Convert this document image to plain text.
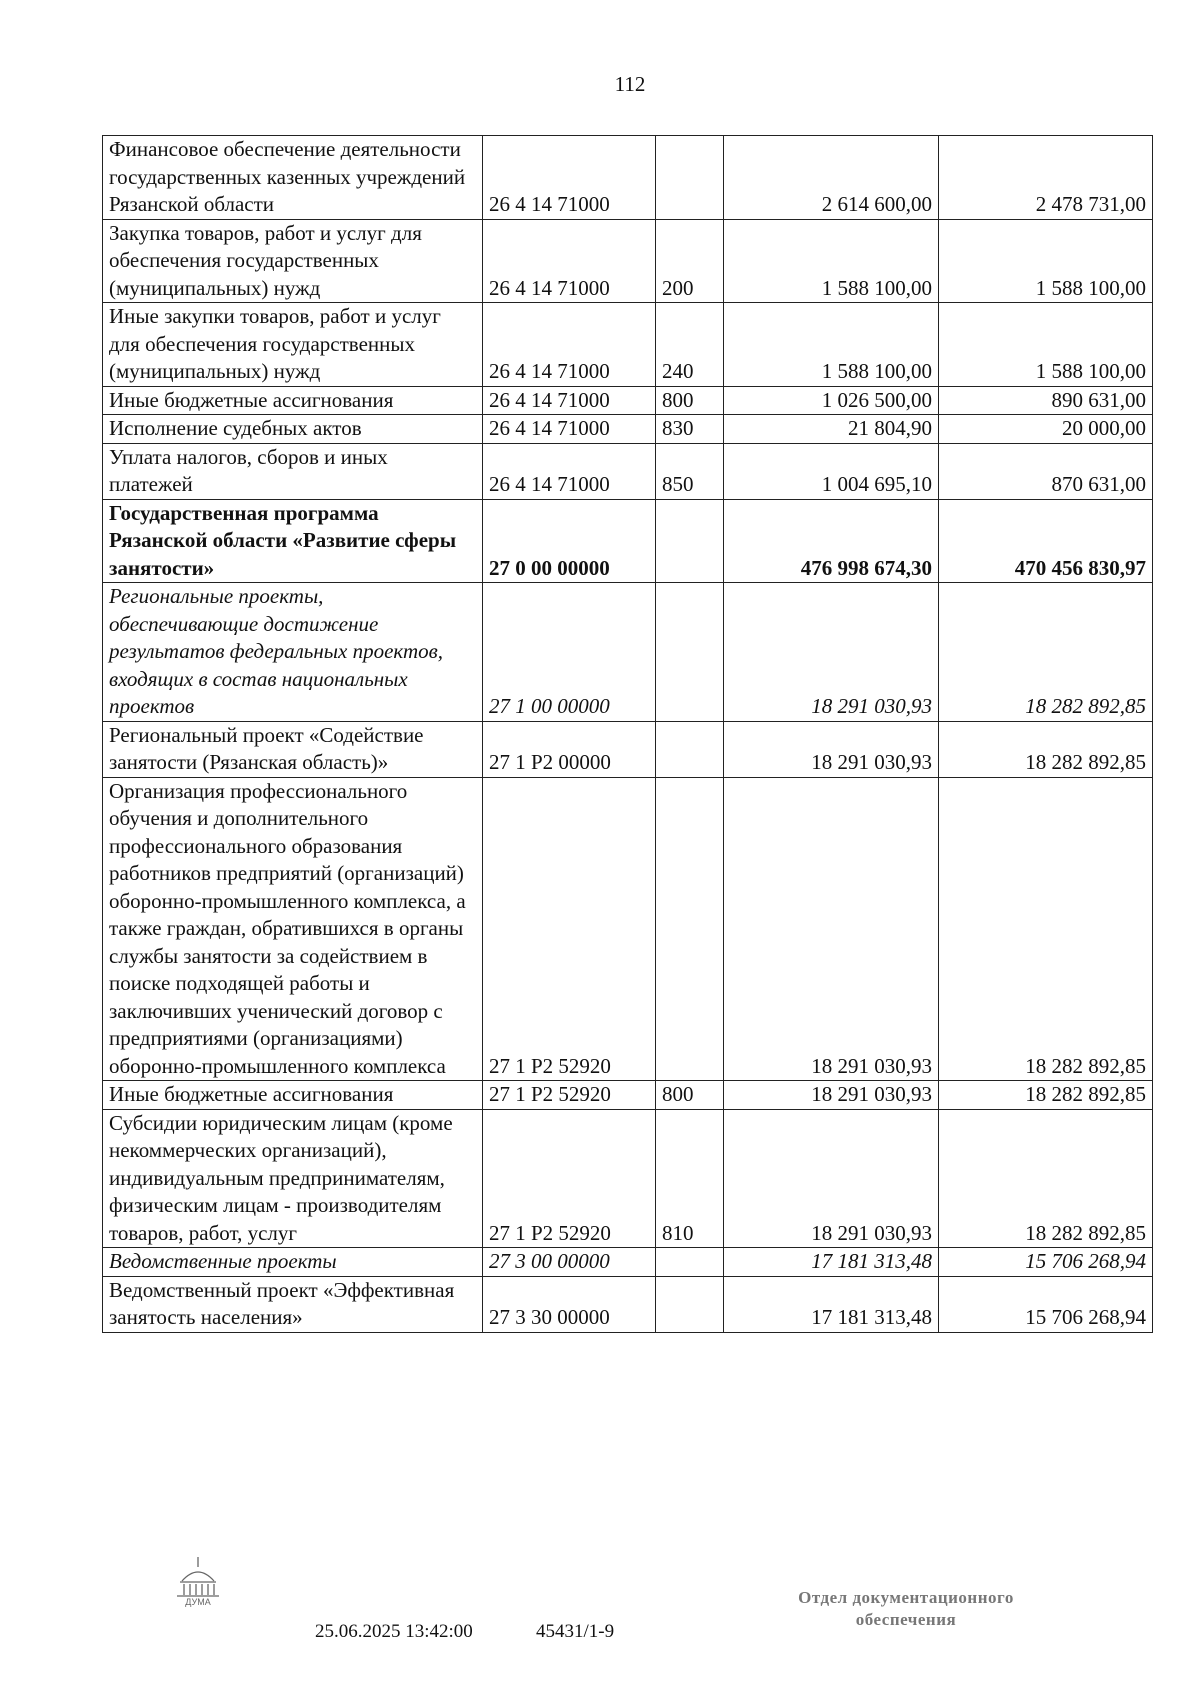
112
Финансовое обеспечение деятельности государственных казенных учреждений Рязанской области	26 4 14 71000		2 614 600,00	2 478 731,00
Закупка товаров, работ и услуг для обеспечения государственных (муниципальных) нужд	26 4 14 71000	200	1 588 100,00	1 588 100,00
Иные закупки товаров, работ и услуг для обеспечения государственных (муниципальных) нужд	26 4 14 71000	240	1 588 100,00	1 588 100,00
Иные бюджетные ассигнования	26 4 14 71000	800	1 026 500,00	890 631,00
Исполнение судебных актов	26 4 14 71000	830	21 804,90	20 000,00
Уплата налогов, сборов и иных платежей	26 4 14 71000	850	1 004 695,10	870 631,00
Государственная программа Рязанской области «Развитие сферы занятости»	27 0 00 00000		476 998 674,30	470 456 830,97
Региональные проекты, обеспечивающие достижение результатов федеральных проектов, входящих в состав национальных проектов	27 1 00 00000		18 291 030,93	18 282 892,85
Региональный проект «Содействие занятости (Рязанская область)»	27 1 Р2 00000		18 291 030,93	18 282 892,85
Организация профессионального обучения и дополнительного профессионального образования работников предприятий (организаций) оборонно-промышленного комплекса, а также граждан, обратившихся в органы службы занятости за содействием в поиске подходящей работы и заключивших ученический договор с предприятиями (организациями) оборонно-промышленного комплекса	27 1 Р2 52920		18 291 030,93	18 282 892,85
Иные бюджетные ассигнования	27 1 Р2 52920	800	18 291 030,93	18 282 892,85
Субсидии юридическим лицам (кроме некоммерческих организаций), индивидуальным предпринимателям, физическим лицам - производителям товаров, работ, услуг	27 1 Р2 52920	810	18 291 030,93	18 282 892,85
Ведомственные проекты	27 3 00 00000		17 181 313,48	15 706 268,94
Ведомственный проект «Эффективная занятость населения»	27 3 30 00000		17 181 313,48	15 706 268,94
ДУМА
25.06.2025 13:42:00	45431/1-9
Отдел документационного
обеспечения
